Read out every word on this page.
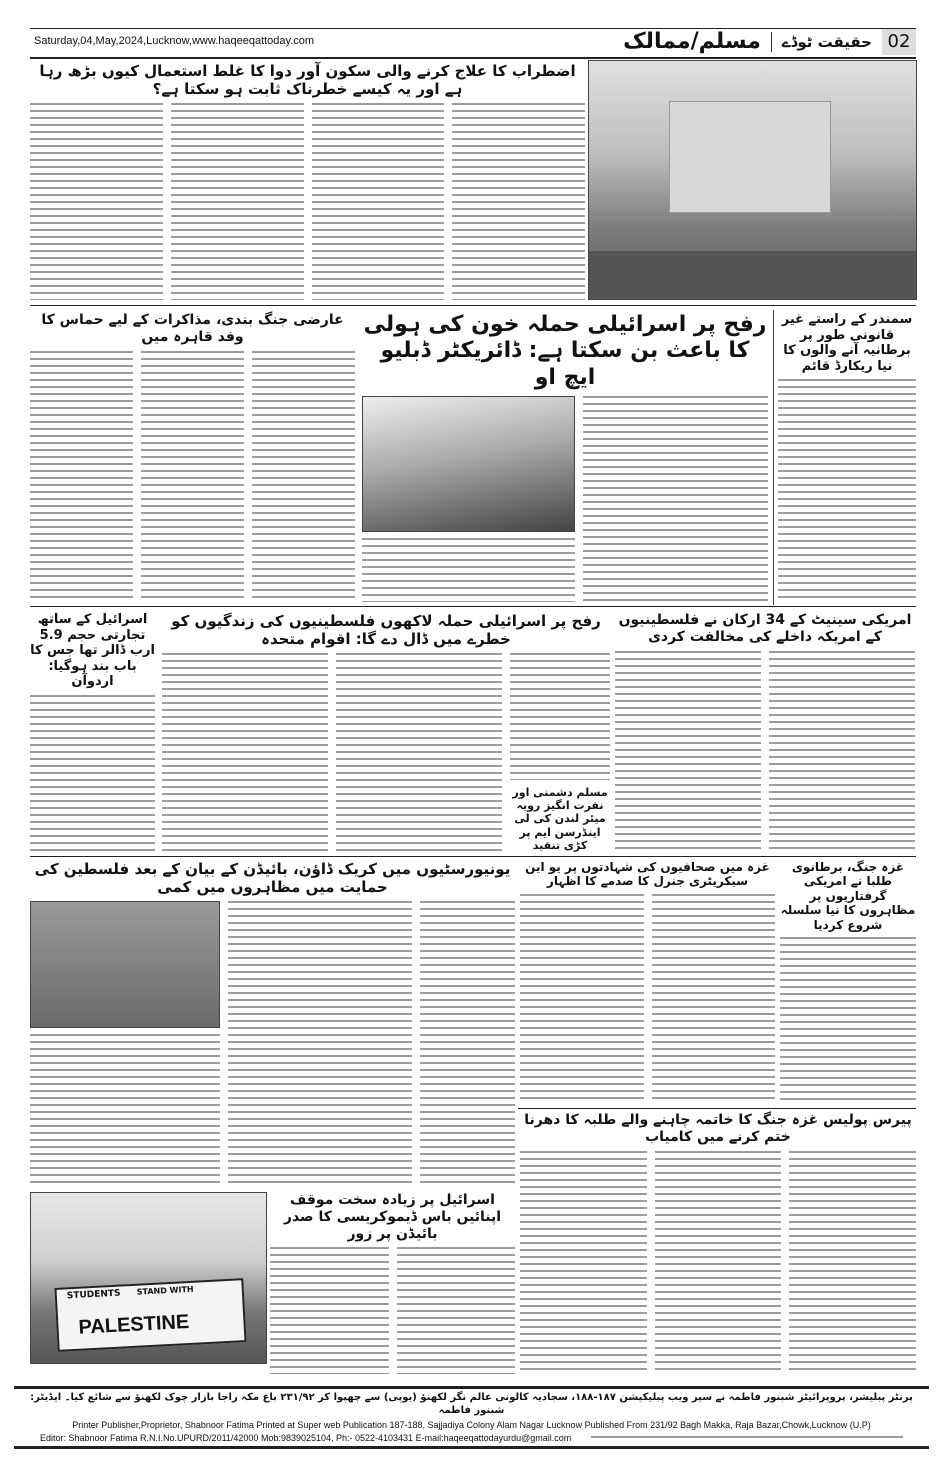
Saturday,04,May,2024,Lucknow,www.haqeeqattoday.com	02
حقیقت ٹوڈے
مسلم/ممالک
اضطراب کا علاج کرنے والی سکون آور دوا کا غلط استعمال کیوں بڑھ رہا ہے اور یہ کیسے خطرناک ثابت ہو سکتا ہے؟
سمندر کے راستے غیر قانونی طور پر برطانیہ آنے والوں کا نیا ریکارڈ قائم
رفح پر اسرائیلی حملہ خون کی ہولی کا باعث بن سکتا ہے: ڈائریکٹر ڈبلیو ایچ او
عارضی جنگ بندی، مذاکرات کے لیے حماس کا وفد قاہرہ میں
اسرائیل کے ساتھ تجارتی حجم 5.9 ارب ڈالر تھا جس کا باب بند ہوگیا: اردوآن
رفح پر اسرائیلی حملہ لاکھوں فلسطینیوں کی زندگیوں کو خطرے میں ڈال دے گا: اقوام متحدہ
مسلم دشمنی اور نفرت انگیز رویہ میئر لندن کی لی اینڈرسن ایم پر کڑی تنقید
امریکی سینیٹ کے 34 ارکان نے فلسطینیوں کے امریکہ داخلے کی مخالفت کردی
یونیورسٹیوں میں کریک ڈاؤن، بائیڈن کے بیان کے بعد فلسطین کی حمایت میں مظاہروں میں کمی
غزہ میں صحافیوں کی شہادتوں پر یو این سیکریٹری جنرل کا صدمے کا اظہار
غزہ جنگ، برطانوی طلبا نے امریکی گرفتاریوں پر مظاہروں کا نیا سلسلہ شروع کردیا
پیرس پولیس غزہ جنگ کا خاتمہ چاہنے والے طلبہ کا دھرنا ختم کرنے میں کامیاب
اسرائیل پر زیادہ سخت موقف اپنائیں باس ڈیموکریسی کا صدر بائیڈن پر زور
STUDENTS STAND WITH
PALESTINE
پرنٹر پبلیشر، پروپرائیٹر شبنور فاطمہ نے سپر ویب پبلیکیشن ۱۸۷-۱۸۸، سجادیہ کالونی عالم نگر لکھنؤ (یوپی) سے چھپوا کر ۲۳۱/۹۲ باغ مکہ راجا بازار چوک لکھنؤ سے شائع کیا۔ ایڈیٹر: شبنور فاطمہ
Printer Publisher,Proprietor, Shabnoor Fatima Printed at Super web Publication 187-188, Sajjadiya Colony Alam Nagar Lucknow Published From 231/92 Bagh Makka, Raja Bazar,Chowk,Lucknow (U.P)
Editor: Shabnoor Fatima R.N.I.No.UPURD/2011/42000 Mob:9839025104, Ph:- 0522-4103431 E-mail:haqeeqattodayurdu@gmail.com
